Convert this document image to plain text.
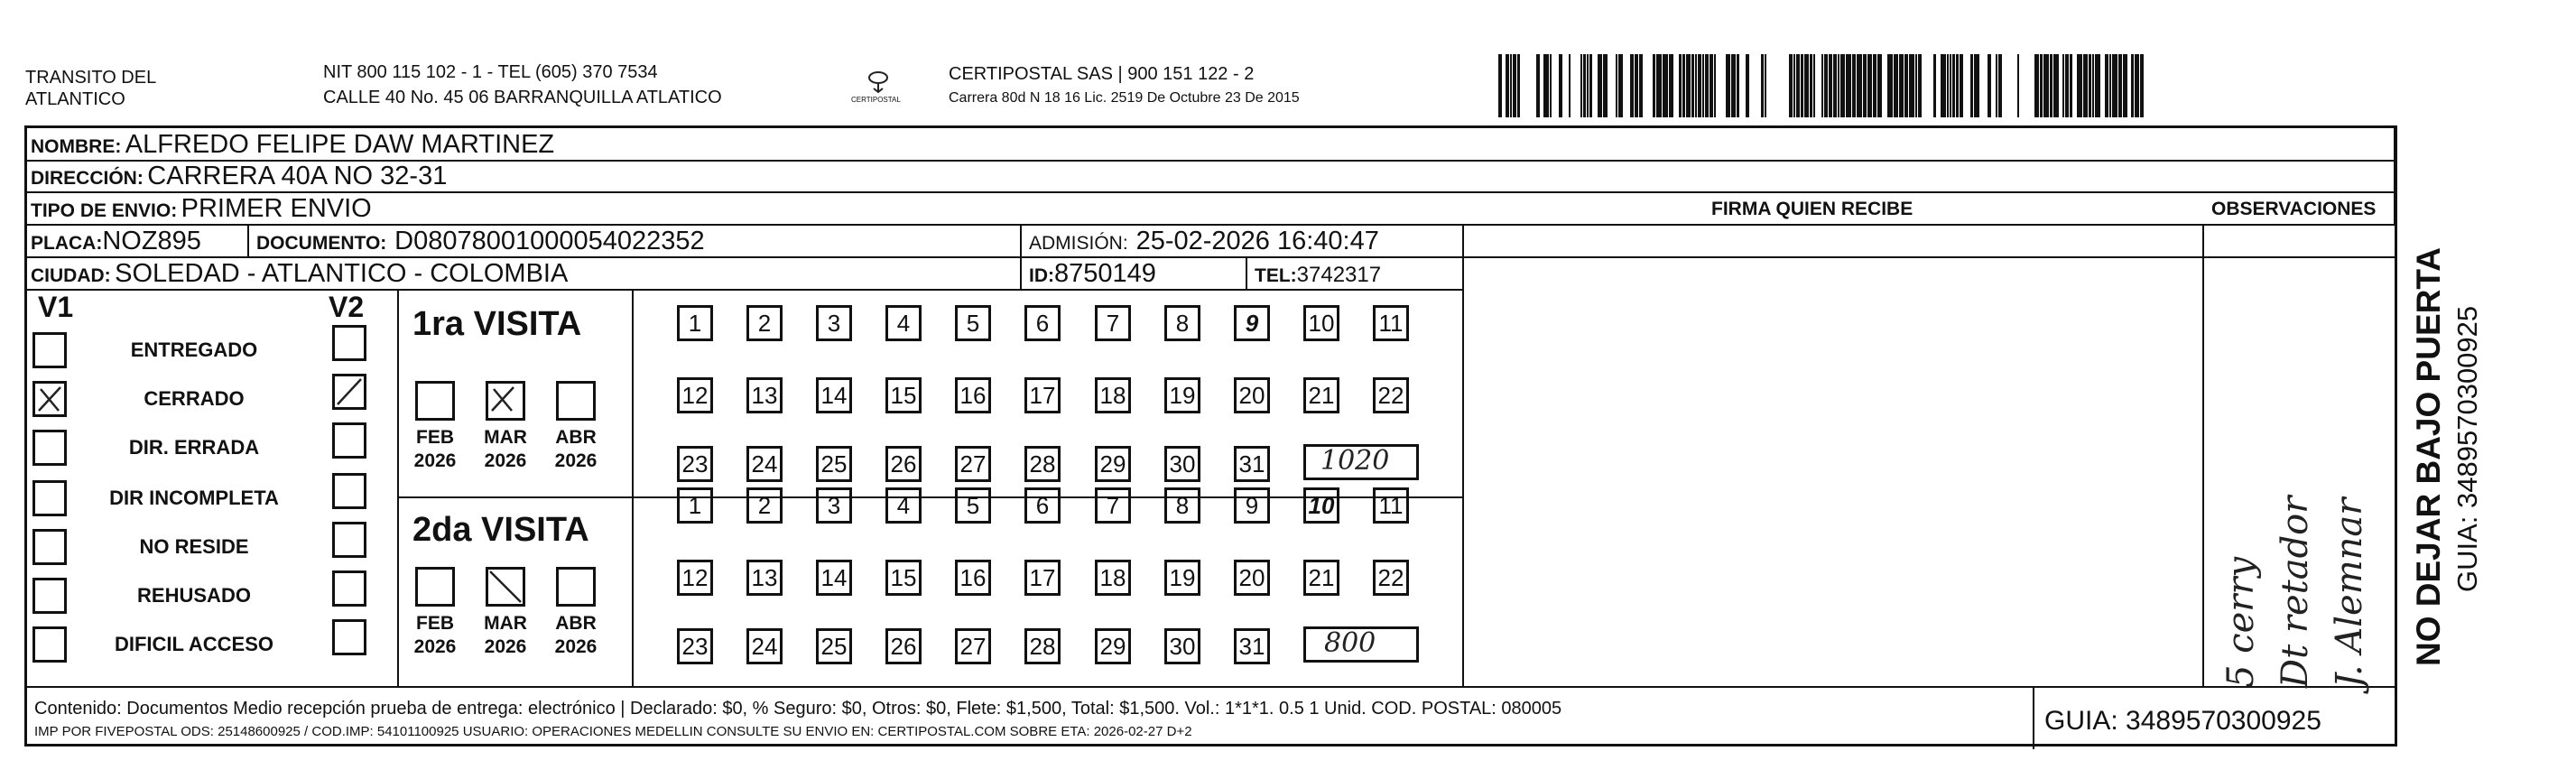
TRANSITO DEL ATLANTICO
NIT 800 115 102 - 1 - TEL (605) 370 7534
CALLE 40 No. 45 06 BARRANQUILLA ATLATICO	CERTIPOSTAL
CERTIPOSTAL SAS | 900 151 122 - 2
Carrera 80d N 18 16 Lic. 2519 De Octubre 23 De 2015
NOMBRE: ALFREDO FELIPE DAW MARTINEZ
DIRECCIÓN: CARRERA 40A NO 32-31
TIPO DE ENVIO: PRIMER ENVIO	FIRMA QUIEN RECIBE	OBSERVACIONES
PLACA:NOZ895	DOCUMENTO: D08078001000054022352	ADMISIÓN: 25-02-2026 16:40:47
CIUDAD: SOLEDAD - ATLANTICO - COLOMBIA	ID:8750149	TEL:3742317
V1	V2
ENTREGADO
CERRADO
DIR. ERRADA
DIR INCOMPLETA
NO RESIDE
REHUSADO
DIFICIL ACCESO
1ra VISITA
FEB
2026
MAR
2026
ABR
2026
1	2	3	4	5	6	7	8	9	10 11
12 13 14 15 16 17 18 19 20 21 22
23 24 25 26 27 28 29 30 31 1020
2da VISITA
FEB
2026
MAR
2026
ABR
2026
1	2	3	4	5	6	7	8	9	10 11
12 13 14 15 16 17 18 19 20 21 22
23 24 25 26 27 28 29 30 31 800	5 cerry Dt retador J. Alemnar
Contenido: Documentos Medio recepción prueba de entrega: electrónico | Declarado: $0, % Seguro: $0, Otros: $0, Flete: $1,500, Total: $1,500. Vol.: 1*1*1. 0.5 1 Unid. COD. POSTAL: 080005
IMP POR FIVEPOSTAL ODS: 25148600925 / COD.IMP: 54101100925 USUARIO: OPERACIONES MEDELLIN CONSULTE SU ENVIO EN: CERTIPOSTAL.COM SOBRE ETA: 2026-02-27 D+2	GUIA: 3489570300925
NO DEJAR BAJO PUERTA GUIA: 3489570300925
